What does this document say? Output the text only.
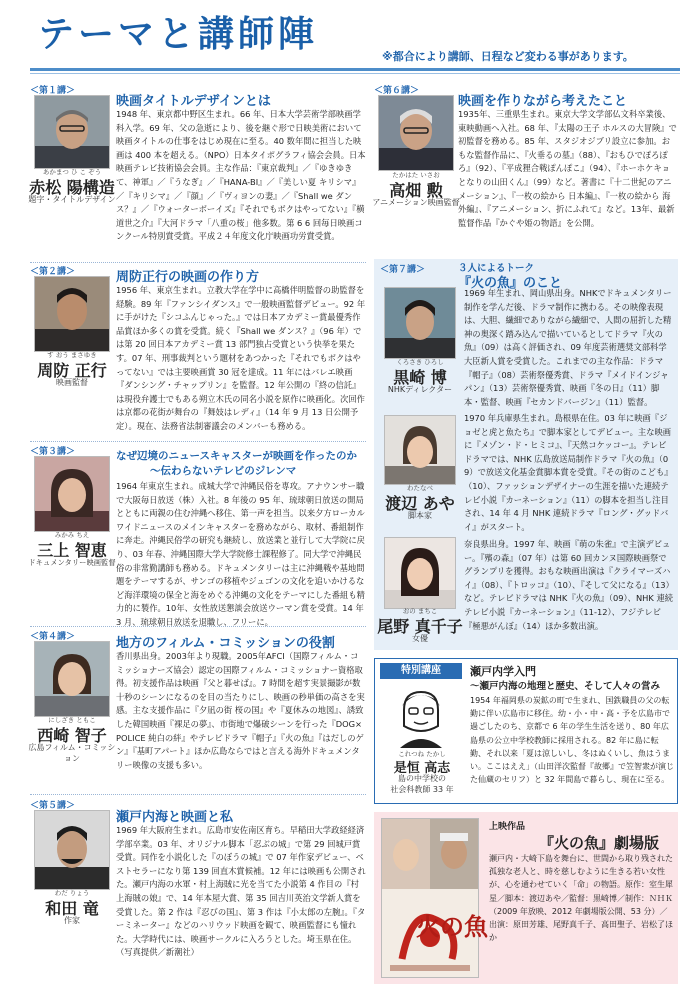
テーマと講師陣
※都合により講師、日程など変わる事があります。
＜第１講＞
あかまつ ひ こ ぞう
赤松 陽構造
題字・タイトルデザイン
映画タイトルデザインとは
1948 年、東京都中野区生まれ。66 年、日本大学芸術学部映画学科入学。69 年、父の急逝により、後を継ぐ形で日映美術において映画タイトルの仕事をはじめ現在に至る。40 数年間に担当した映画は 400 本を超える。（NPO）日本タイポグラフィ協会会員。日本映画テレビ技術協会会員。主な作品：『東京裁判』／『ゆきゆきて、神軍』／『うなぎ』／『HANA-BI』／『美しい夏 キリシマ』／『キリシマ』／『顔』／『ヴィヨンの妻』／『Shall we ダンス？』／『ウォーターボーイズ』『それでもボクはやってない』『横道世之介』『大河ドラマ「八重の桜」他多数。第 6 6 回毎日映画コンクール特別賞受賞。平成２４年度文化庁映画功労賞受賞。
＜第２講＞
す おう まさゆき
周防 正行
映画監督
周防正行の映画の作り方
1956 年、東京生まれ。立教大学在学中に高橋伴明監督の助監督を経験。89 年『ファンシイダンス』で一般映画監督デビュー。92 年に手がけた『シコふんじゃった。』では日本アカデミー賞最優秀作品賞ほか多くの賞を受賞。続く『Shall we ダンス？』（96 年）では第 20 回日本アカデミー賞 13 部門独占受賞という快挙を果たす。07 年、刑事裁判という題材をあつかった『それでもボクはやってない』では主要映画賞 30 冠を達成。11 年にはバレエ映画『ダンシング・チャップリン』を監督。12 年公開の『終の信託』は現役弁護士でもある朔立木氏の同名小説を原作に映画化。次回作は京都の花街が舞台の『舞妓はレディ』（14 年 9 月 13 日公開予定）。現在、法務省法制審議会のメンバーも務める。
＜第３講＞
みかみ ちえ
三上 智恵
ドキュメンタリー映画監督
なぜ辺境のニュースキャスターが映画を作ったのか
〜伝わらないテレビのジレンマ
1964 年東京生まれ。成城大学で沖縄民俗を専攻。アナウンサー職で大阪毎日放送（株）入社。8 年後の 95 年、琉球朝日放送の開局とともに両親の住む沖縄へ移住、第一声を担当。以来夕方ローカルワイドニュースのメインキャスターを務めながら、取材、番組制作に奔走。沖縄民俗学の研究も継続し、放送業と並行して大学院に戻り、03 年春、沖縄国際大学大学院修士課程修了。同大学で沖縄民俗の非常勤講師も務める。ドキュメンタリーは主に沖縄戦や基地問題をテーマするが、サンゴの移植やジュゴンの文化を追いかけるなど海洋環境の保全と海をめぐる沖縄の文化をテーマにした番組も精力的に製作。10年、女性放送懇談会放送ウーマン賞を受賞。14 年 3 月、琉球朝日放送を退職し、フリーに。
＜第４講＞
にしざき ともこ
西崎 智子
広島フィルム・コミッション
地方のフィルム・コミッションの役割
香川県出身。2003年より現職。2005年AFCI（国際フィルム・コミッショナーズ協会）認定の国際フィルム・コミッショナー資格取得。初支援作品は映画『父と暮せば』。7 時間を超す実景撮影が数十秒のシーンになるのを目の当たりにし、映画の秒単価の高さを実感。主な支援作品に『夕凪の街 桜の国』や『夏休みの地図』、誘致した韓国映画『裸足の夢』、市街地で爆破シーンを行った『DOG×POLICE 純白の絆』やテレビドラマ『帽子』『火の魚』『はだしのゲン』『基町アパート』ほか広島ならではと言える海外ドキュメンタリー映像の支援も多い。
＜第５講＞
わだ りょう
和田 竜
作家
瀬戸内海と映画と私
1969 年大阪府生まれ。広島市安佐南区育ち。早稲田大学政経経済学部卒業。03 年、オリジナル脚本「忍ぶの城」で第 29 回城戸賞受賞。同作を小説化した『のぼうの城』で 07 年作家デビュー、ベストセラーになり第 139 回直木賞候補。12 年には映画も公開された。瀬戸内海の水軍・村上海賊に光を当てた小説第 4 作目の『村上海賊の娘』で、14 年本屋大賞、第 35 回吉川英治文学新人賞を受賞した。第 2 作は『忍びの国』、第 3 作は『小太郎の左腕』。『ターミネーター』などのハリウッド映画を観て、映画監督にも憧れた。大学時代には、映画サークルに入ろうとした。埼玉県在住。（写真提供／新潮社）
＜第６講＞
たかはた いさお
高畑 勲
アニメーション映画監督
映画を作りながら考えたこと
1935年、三重県生まれ。東京大学文学部仏文科卒業後、東映動画へ入社。68 年、『太陽の王子 ホルスの大冒険』で初監督を務める。85 年、スタジオジブリ設立に参加。おもな監督作品に、『火垂るの墓』（88）、『おもひでぽろぽろ』（92）、『平成狸合戦ぽんぽこ』（94）、『ホーホケキョとなりの山田くん』（99）など。著書に『十二世紀のアニメーション』、『一枚の絵から 日本編』、『一枚の絵から 海外編』、『アニメーション、折にふれて』など。13年、最新監督作品『かぐや姫の物語』を公開。
＜第７講＞	３人によるトーク
『火の魚』のこと
くろさき ひろし
黒崎 博
NHKディレクター
1969 年生まれ、岡山県出身。NHKでドキュメンタリー制作を学んだ後、ドラマ制作に携わる。その映像表現は、大胆、繊細でありながら繊細で、人間の屈折した精神の奥深く踏み込んで描いているとしてドラマ『火の魚』（09）は高く評価され、09 年度芸術選奨文部科学大臣新人賞を受賞した。これまでの主な作品：ドラマ『帽子』（08）芸術祭優秀賞、ドラマ『メイドインジャパン』（13）芸術祭優秀賞、映画『冬の日』（11）脚本・監督、映画『セカンドバージン』（11）監督。
わたなべ
渡辺 あや
脚本家
1970 年兵庫県生まれ。島根県在住。03 年に映画『ジョゼと虎と魚たち』で脚本家としてデビュー。主な映画に『メゾン・ド・ヒミコ』、『天然コケッコー』。テレビドラマでは、NHK 広島放送局制作ドラマ『火の魚』（09）で放送文化基金賞脚本賞を受賞。『その街のこども』（10）、ファッションデザイナーの生涯を描いた連続テレビ小説『カーネーション』（11）の脚本を担当し注目され、14 年 4 月 NHK 連続ドラマ『ロング・グッドバイ』がスタート。
おの まちこ
尾野 真千子
女優
奈良県出身。1997 年、映画『萌の朱雀』で主演デビュー。『殯の森』（07 年）は第 60 回カンヌ国際映画祭でグランプリを獲得。おもな映画出演は『クライマーズハイ』（08）、『トロッコ』（10）、『そして父になる』（13）など。テレビドラマは NHK『火の魚』（09）、NHK 連続テレビ小説『カーネーション』（11-12）、フジテレビ『極悪がんぼ』（14）ほか多数出演。
特別講座	瀬戸内学入門
〜瀬戸内海の地理と歴史、そして人々の営み
これつね たかし
是恒 高志
島の中学校の
社会科教師 33 年
1954 年福岡県の炭鉱の町で生まれ、国鉄職員の父の転勤に伴い広島市に移住。幼・小・中・高・予を広島市で過ごしたのち、京都で 6 年の学生生活を送り、80 年広島県の公立中学校教師に採用される。82 年に島に転勤、それ以来「夏は涼しいし、冬はぬくいし、魚はうまい。ここはええ」（山田洋次監督『故郷』で笠智衆が演じた仙蔵のセリフ）と 32 年間島で暮らし、現在に至る。
火の魚
上映作品
『火の魚』劇場版
瀬戸内・大崎下島を舞台に、世間から取り残された孤独な老人と、時を慈しむように生きる若い女性が、心を通わせていく「命」の物語。原作：室生犀星／脚本：渡辺あや／監督：黒崎博／制作：ＮＨＫ（2009 年放映、2012 年劇場版公開、53 分）／出演：原田芳雄、尾野真千子、高田聖子、岩松了ほか
